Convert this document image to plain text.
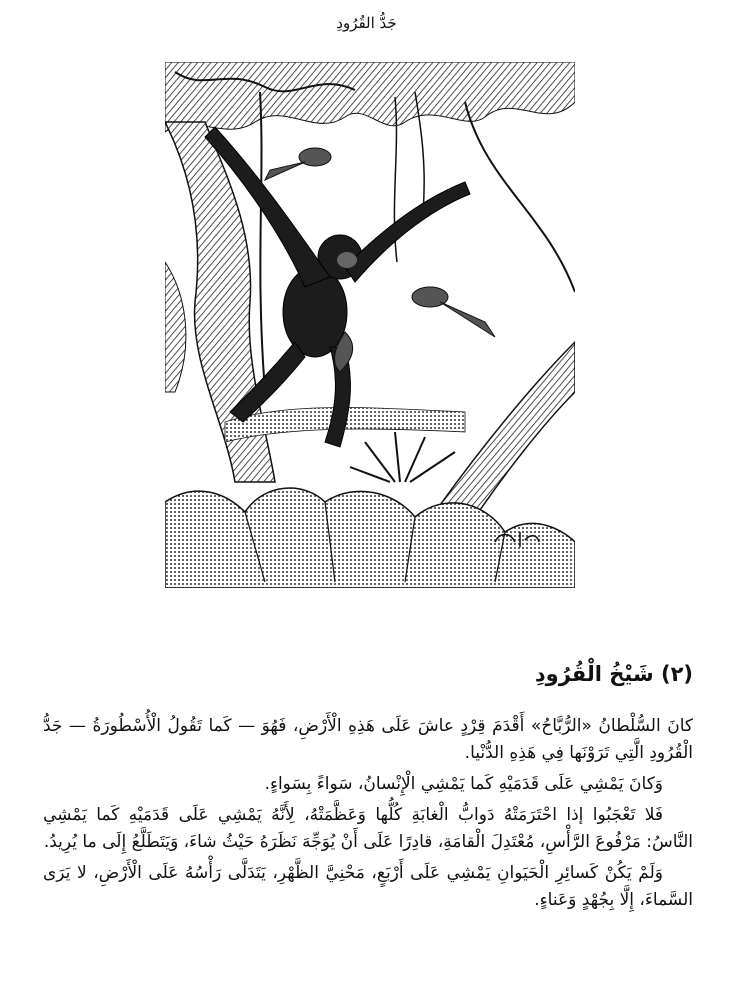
جَدُّ القُرُودِ
(٢) شَيْخُ الْقُرُودِ

كانَ السُّلْطانُ «الرُّبَّاحُ» أَقْدَمَ قِرْدٍ عاشَ عَلَى هَذِهِ الْأَرْضِ، فَهُوَ — كَما تَقُولُ الْأُسْطُورَةُ — جَدُّ الْقُرُودِ الَّتِي تَرَوْنَها فِي هَذِهِ الدُّنْيا.

وَكانَ يَمْشِي عَلَى قَدَمَيْهِ كَما يَمْشِي الْإِنْسانُ، سَواءً بِسَواءٍ.

فَلا تَعْجَبُوا إذا احْتَرَمَتْهُ دَوابُّ الْغابَةِ كُلُّها وَعَظَّمَتْهُ، لِأَنَّهُ يَمْشِي عَلَى قَدَمَيْهِ كَما يَمْشِي النَّاسُ: مَرْفُوعَ الرَّأْسِ، مُعْتَدِلَ الْقامَةِ، قادِرًا عَلَى أَنْ يُوَجِّهَ نَظَرَهُ حَيْثُ شاءَ، وَيَتَطَلَّعُ إِلَى ما يُرِيدُ.

وَلَمْ يَكُنْ كَسائِرِ الْحَيَوانِ يَمْشِي عَلَى أَرْبَعٍ، مَحْنِيَّ الظَّهْرِ، يَتَدَلَّى رَأْسُهُ عَلَى الْأَرْضِ، لا يَرَى السَّماءَ، إِلَّا بِجُهْدٍ وَعَناءٍ.
